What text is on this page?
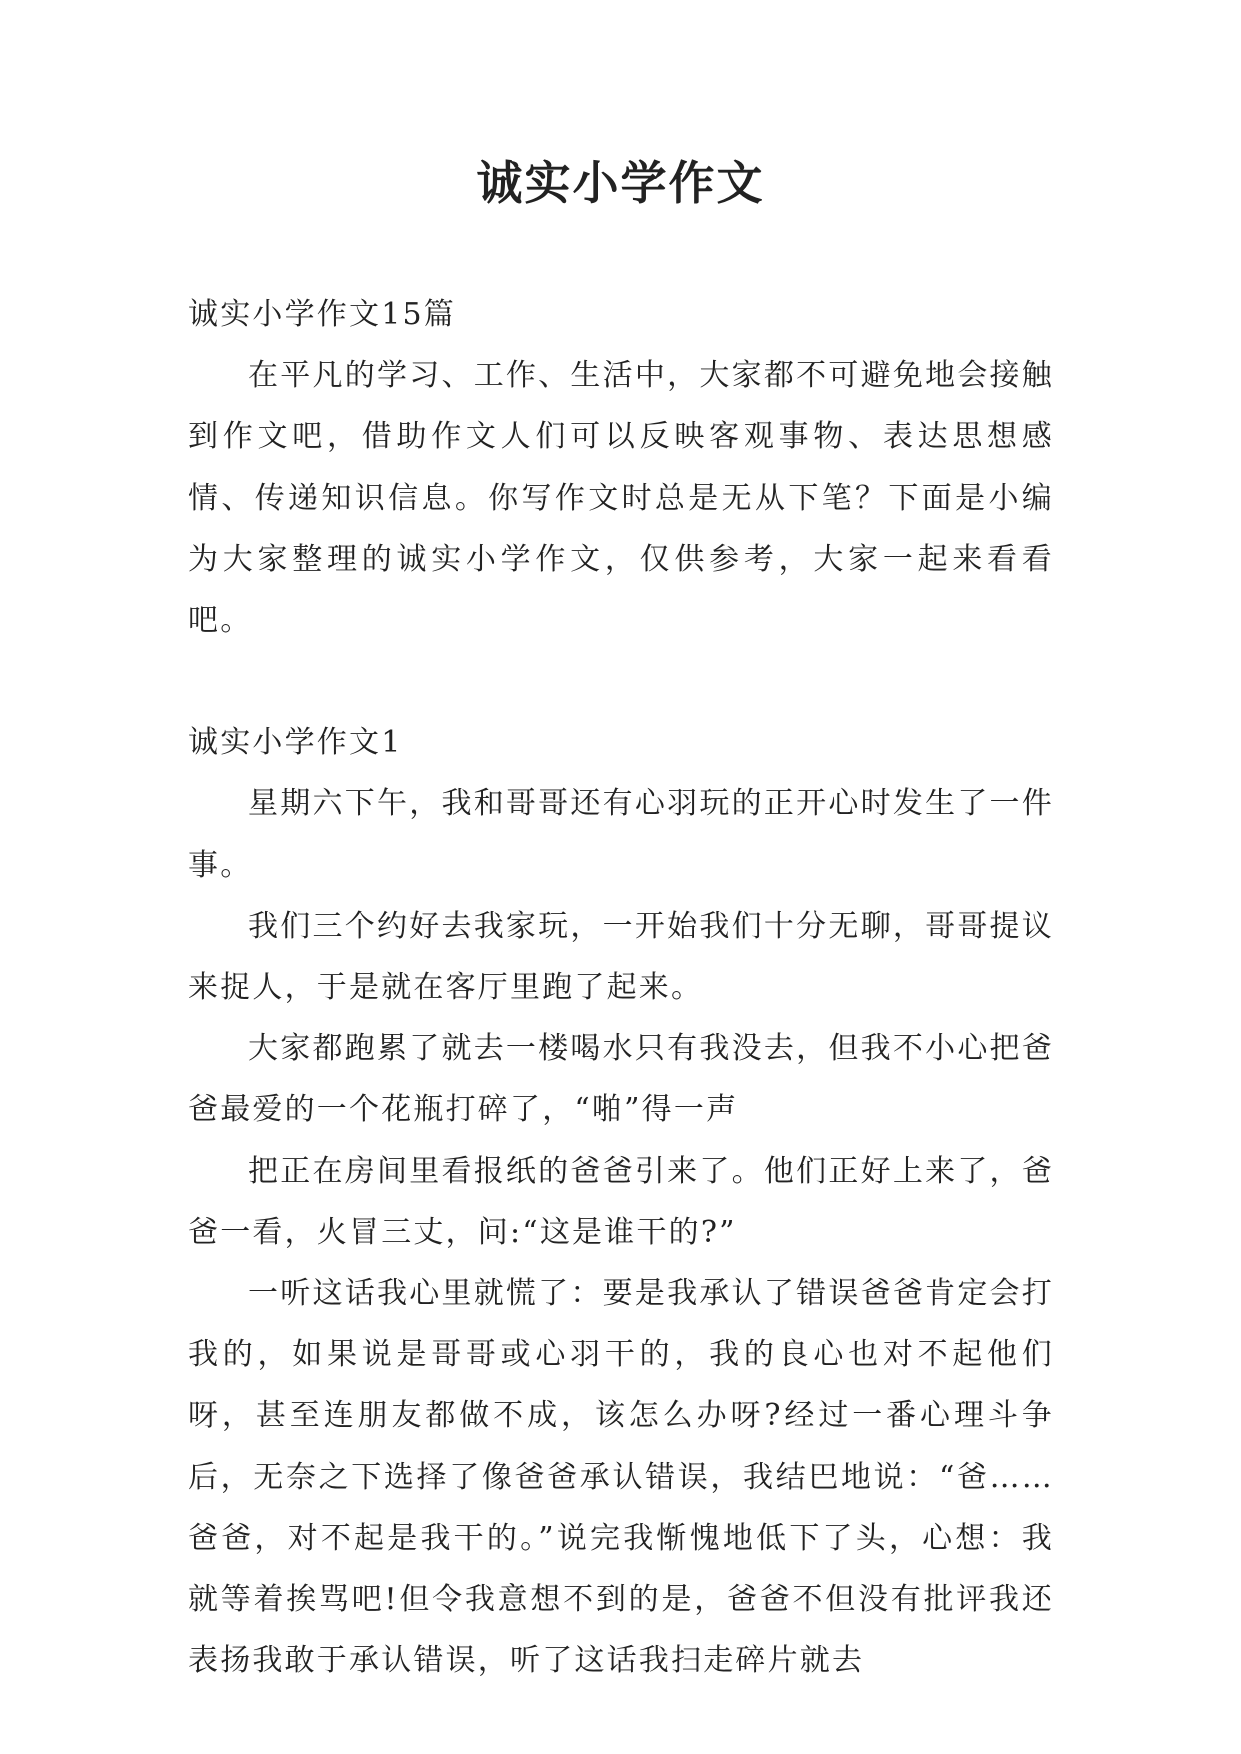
诚实小学作文

诚实小学作文15篇

在平凡的学习、工作、生活中，大家都不可避免地会接触到作文吧，借助作文人们可以反映客观事物、表达思想感情、传递知识信息。你写作文时总是无从下笔？下面是小编为大家整理的诚实小学作文，仅供参考，大家一起来看看吧。

诚实小学作文1

星期六下午，我和哥哥还有心羽玩的正开心时发生了一件事。

我们三个约好去我家玩，一开始我们十分无聊，哥哥提议来捉人，于是就在客厅里跑了起来。

大家都跑累了就去一楼喝水只有我没去，但我不小心把爸爸最爱的一个花瓶打碎了，“啪”得一声

把正在房间里看报纸的爸爸引来了。他们正好上来了，爸爸一看，火冒三丈，问:“这是谁干的?”

一听这话我心里就慌了：要是我承认了错误爸爸肯定会打我的，如果说是哥哥或心羽干的，我的良心也对不起他们呀，甚至连朋友都做不成，该怎么办呀?经过一番心理斗争后，无奈之下选择了像爸爸承认错误，我结巴地说：“爸……爸爸，对不起是我干的。”说完我惭愧地低下了头，心想：我就等着挨骂吧!但令我意想不到的是，爸爸不但没有批评我还表扬我敢于承认错误，听了这话我扫走碎片就去
